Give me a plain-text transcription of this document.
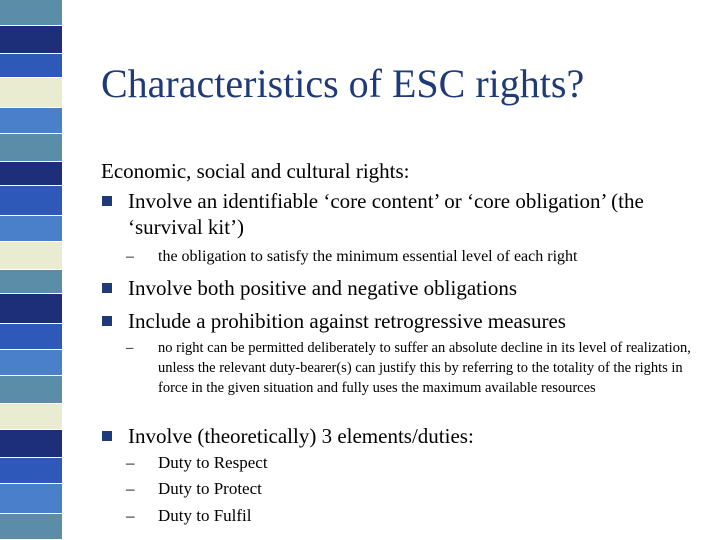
Characteristics of ESC rights?
Economic, social and cultural rights:
Involve an identifiable ‘core content’ or ‘core obligation’ (the ‘survival kit’)
– the obligation to satisfy the minimum essential level of each right
Involve both positive and negative obligations
Include a prohibition against retrogressive measures
– no right can be permitted deliberately to suffer an absolute decline in its level of realization, unless the relevant duty-bearer(s) can justify this by referring to the totality of the rights in force in the given situation and fully uses the maximum available resources
Involve (theoretically) 3 elements/duties:
– Duty to Respect
– Duty to Protect
– Duty to Fulfil
